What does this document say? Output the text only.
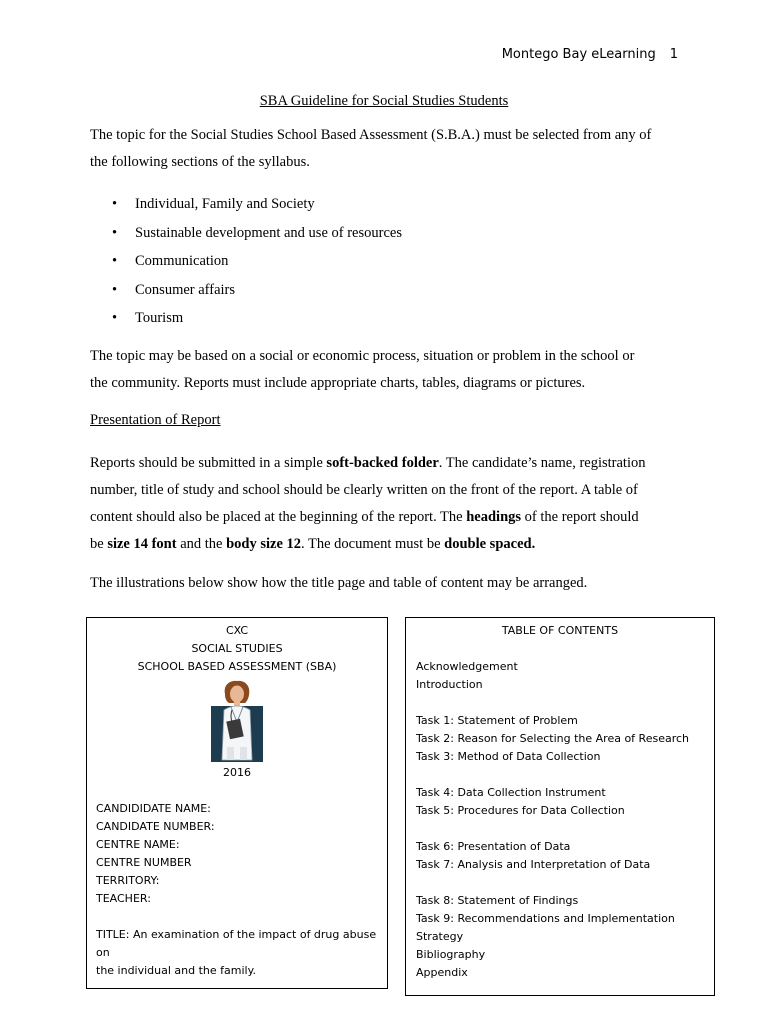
Montego Bay eLearning 1
SBA Guideline for Social Studies Students

The topic for the Social Studies School Based Assessment (S.B.A.) must be selected from any of
the following sections of the syllabus.

• Individual, Family and Society
• Sustainable development and use of resources
• Communication
• Consumer affairs
• Tourism

The topic may be based on a social or economic process, situation or problem in the school or
the community. Reports must include appropriate charts, tables, diagrams or pictures.

Presentation of Report

Reports should be submitted in a simple soft-backed folder. The candidate’s name, registration
number, title of study and school should be clearly written on the front of the report. A table of
content should also be placed at the beginning of the report. The headings of the report should
be size 14 font and the body size 12. The document must be double spaced.

The illustrations below show how the title page and table of content may be arranged.

CXC
SOCIAL STUDIES
SCHOOL BASED ASSESSMENT (SBA)
2016
CANDIDIDATE NAME:
CANDIDATE NUMBER:
CENTRE NAME:
CENTRE NUMBER
TERRITORY:
TEACHER:
TITLE: An examination of the impact of drug abuse on
the individual and the family.
TABLE OF CONTENTS
Acknowledgement
Introduction
Task 1: Statement of Problem
Task 2: Reason for Selecting the Area of Research
Task 3: Method of Data Collection
Task 4: Data Collection Instrument
Task 5: Procedures for Data Collection
Task 6: Presentation of Data
Task 7: Analysis and Interpretation of Data
Task 8: Statement of Findings
Task 9: Recommendations and Implementation Strategy
Bibliography
Appendix
